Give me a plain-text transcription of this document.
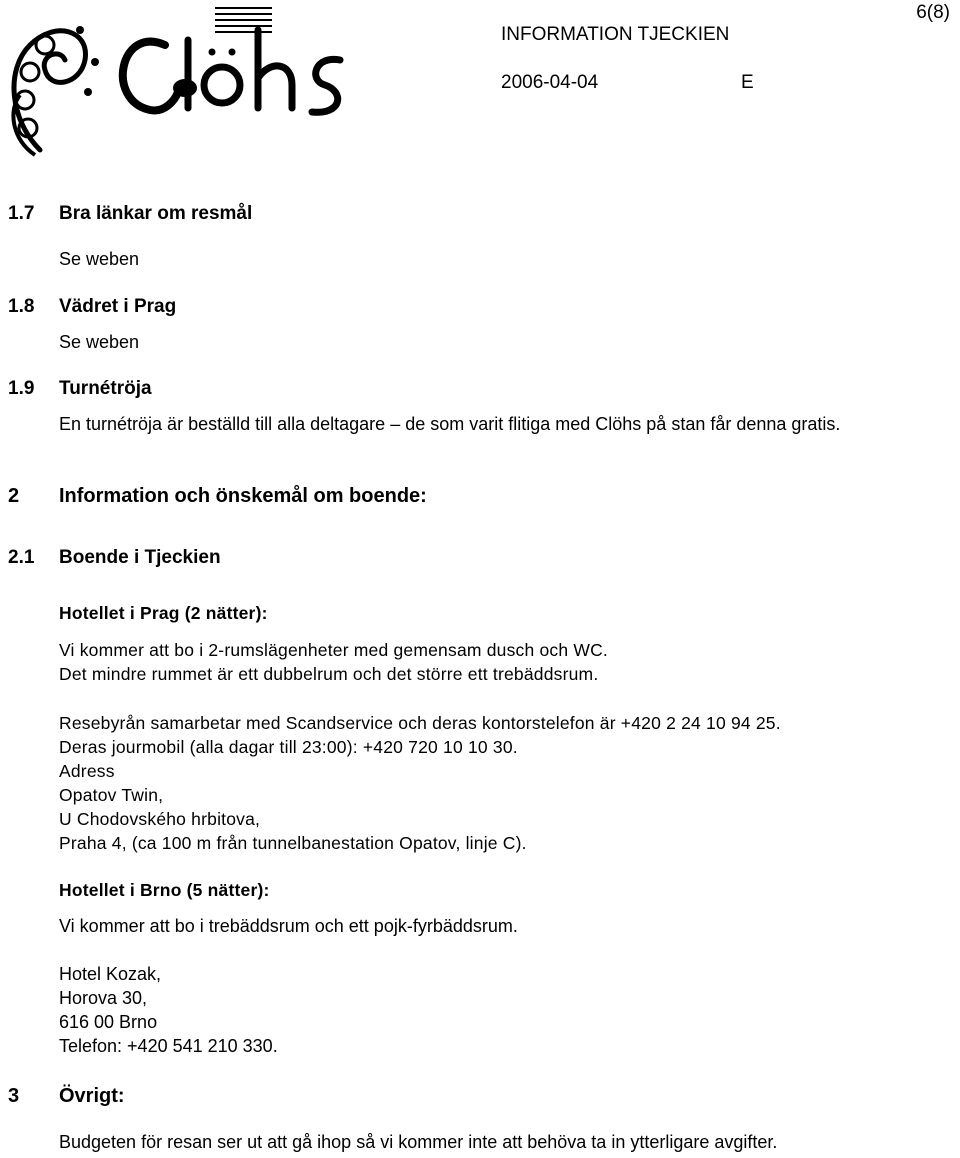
6(8)
INFORMATION TJECKIEN
2006-04-04	E
1.7 Bra länkar om resmål
Se weben
1.8 Vädret i Prag
Se weben
1.9 Turnétröja
En turnétröja är beställd till alla deltagare – de som varit flitiga med Clöhs på stan får denna gratis.
2 Information och önskemål om boende:
2.1 Boende i Tjeckien
Hotellet i Prag (2 nätter):
Vi kommer att bo i 2-rumslägenheter med gemensam dusch och WC.
Det mindre rummet är ett dubbelrum och det större ett trebäddsrum.
Resebyrån samarbetar med Scandservice och deras kontorstelefon är +420 2 24 10 94 25.
Deras jourmobil (alla dagar till 23:00): +420 720 10 10 30.
Adress
Opatov Twin,
U Chodovského hrbitova,
Praha 4, (ca 100 m från tunnelbanestation Opatov, linje C).
Hotellet i Brno (5 nätter):
Vi kommer att bo i trebäddsrum och ett pojk-fyrbäddsrum.
Hotel Kozak,
Horova 30,
616 00 Brno
Telefon: +420 541 210 330.
3 Övrigt:
Budgeten för resan ser ut att gå ihop så vi kommer inte att behöva ta in ytterligare avgifter.
